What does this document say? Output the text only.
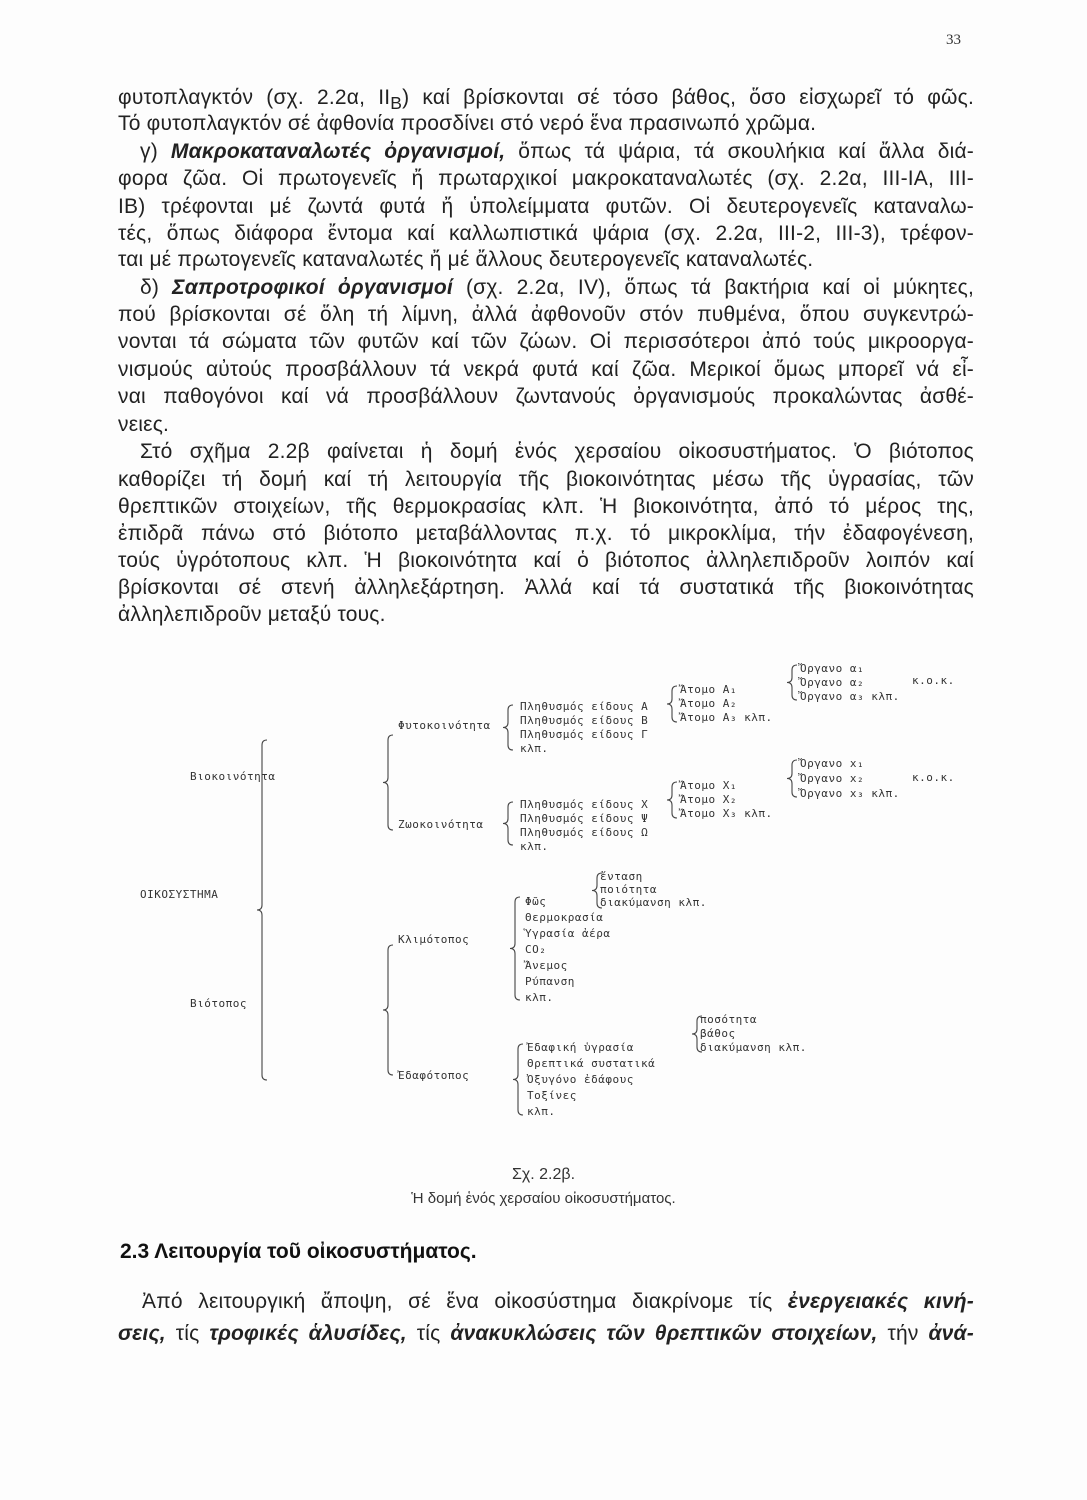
33
φυτοπλαγκτόν (σχ. 2.2α, $II_B$) καί βρίσκονται σέ τόσο βάθος, ὅσο εἰσχωρεῖ τό φῶς.
Τό φυτοπλαγκτόν σέ ἀφθονία προσδίνει στό νερό ἕνα πρασινωπό χρῶμα.
γ) Μακροκαταναλωτές ὀργανισμοί, ὅπως τά ψάρια, τά σκουλήκια καί ἄλλα διά-
φορα ζῶα. Οἱ πρωτογενεῖς ἤ πρωταρχικοί μακροκαταναλωτές (σχ. 2.2α, ΙΙΙ-ΙΑ, ΙΙΙ-
ΙΒ) τρέφονται μέ ζωντά φυτά ἤ ὑπολείμματα φυτῶν. Οἱ δευτερογενεῖς καταναλω-
τές, ὅπως διάφορα ἔντομα καί καλλωπιστικά ψάρια (σχ. 2.2α, ΙΙΙ-2, ΙΙΙ-3), τρέφον-
ται μέ πρωτογενεῖς καταναλωτές ἤ μέ ἄλλους δευτερογενεῖς καταναλωτές.
δ) Σαπροτροφικοί ὀργανισμοί (σχ. 2.2α, IV), ὅπως τά βακτήρια καί οἱ μύκητες,
πού βρίσκονται σέ ὅλη τή λίμνη, ἀλλά ἀφθονοῦν στόν πυθμένα, ὅπου συγκεντρώ-
νονται τά σώματα τῶν φυτῶν καί τῶν ζώων. Οἱ περισσότεροι ἀπό τούς μικροοργα-
νισμούς αὐτούς προσβάλλουν τά νεκρά φυτά καί ζῶα. Μερικοί ὅμως μπορεῖ νά εἶ-
ναι παθογόνοι καί νά προσβάλλουν ζωντανούς ὀργανισμούς προκαλώντας ἀσθέ-
νειες.
Στό σχῆμα 2.2β φαίνεται ἡ δομή ἑνός χερσαίου οἰκοσυστήματος. Ὁ βιότοπος
καθορίζει τή δομή καί τή λειτουργία τῆς βιοκοινότητας μέσω τῆς ὑγρασίας, τῶν
θρεπτικῶν στοιχείων, τῆς θερμοκρασίας κλπ. Ἡ βιοκοινότητα, ἀπό τό μέρος της,
ἐπιδρᾶ πάνω στό βιότοπο μεταβάλλοντας π.χ. τό μικροκλίμα, τήν ἐδαφογένεση,
τούς ὑγρότοπους κλπ. Ἡ βιοκοινότητα καί ὁ βιότοπος ἀλληλεπιδροῦν λοιπόν καί
βρίσκονται σέ στενή ἀλληλεξάρτηση. Ἀλλά καί τά συστατικά τῆς βιοκοινότητας
ἀλληλεπιδροῦν μεταξύ τους.
ΟΙΚΟΣΥΣΤΗΜΑ
Βιοκοινότητα
Φυτοκοινότητα
Πληθυσμός είδους Α
Πληθυσμός είδους Β
Πληθυσμός είδους Γ
κλπ.
Ἄτομο Α₁
Ἄτομο Α₂
Ἄτομο Α₃ κλπ.
Ὄργανο α₁
Ὄργανο α₂
Ὄργανο α₃ κλπ.
κ.ο.κ.
Ζωοκοινότητα
Πληθυσμός είδους Χ
Πληθυσμός είδους Ψ
Πληθυσμός είδους Ω
κλπ.
Ἄτομο Χ₁
Ἄτομο Χ₂
Ἄτομο Χ₃ κλπ.
Ὄργανο x₁
Ὄργανο x₂
Ὄργανο x₃ κλπ.
κ.ο.κ.
Βιότοπος
Κλιμότοπος
Φῶς
Θερμοκρασία
Ὑγρασία ἀέρα
CO₂
Ἄνεμος
Ρύπανση
κλπ.
ἔνταση
ποιότητα
διακύμανση κλπ.
Ἐδαφότοπος
Ἐδαφική ὑγρασία
Θρεπτικά συστατικά
Ὀξυγόνο ἐδάφους
Τοξίνες
κλπ.
ποσότητα
βάθος
διακύμανση κλπ.
Σχ. 2.2β.
Ἡ δομή ἑνός χερσαίου οἰκοσυστήματος.
2.3 Λειτουργία τοῦ οἰκοσυστήματος.
Ἀπό λειτουργική ἄποψη, σέ ἕνα οἰκοσύστημα διακρίνομε τίς ἐνεργειακές κινή-
σεις, τίς τροφικές ἁλυσίδες, τίς ἀνακυκλώσεις τῶν θρεπτικῶν στοιχείων, τήν ἀνά-
